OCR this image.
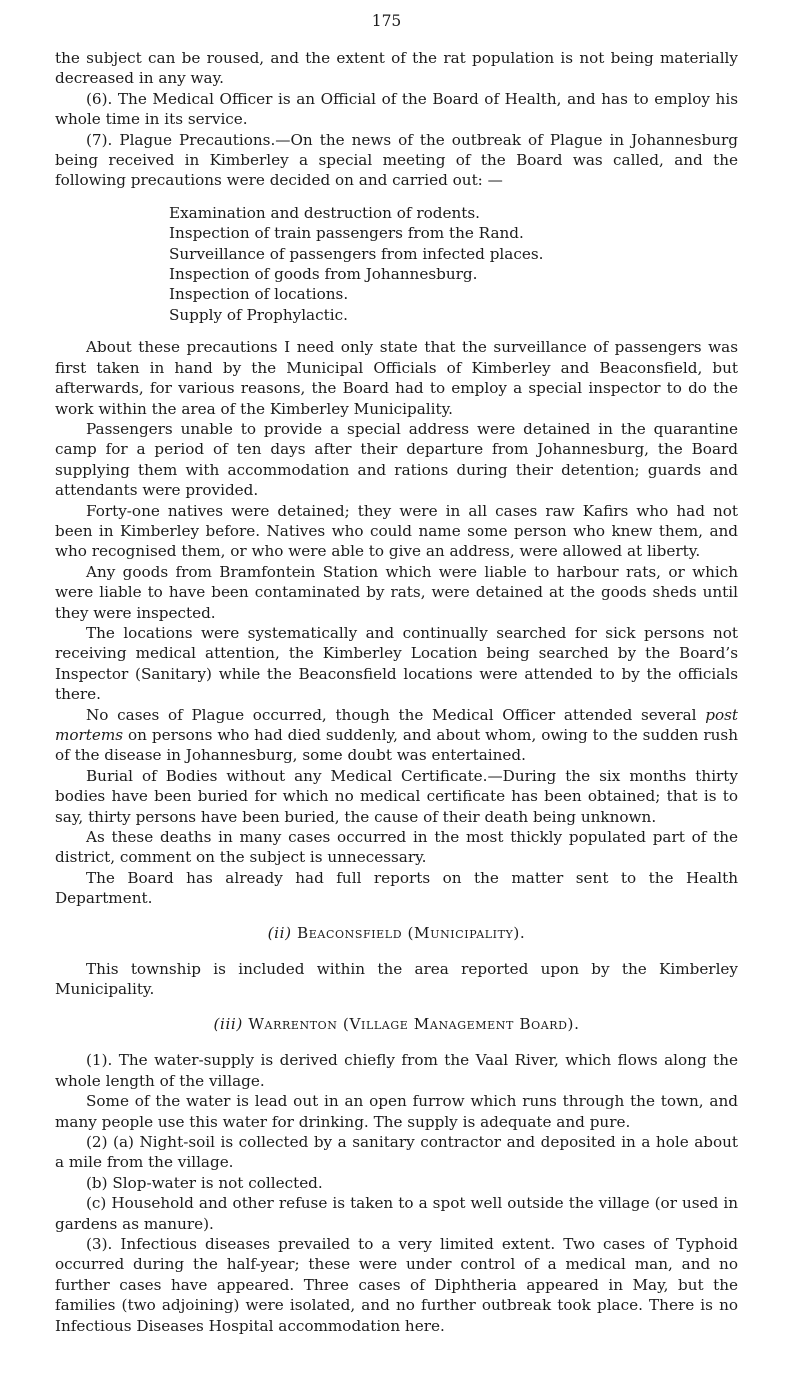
175

the subject can be roused, and the extent of the rat population is not being materially decreased in any way.

(6). The Medical Officer is an Official of the Board of Health, and has to employ his whole time in its service.

(7). Plague Precautions.—On the news of the outbreak of Plague in Johannesburg being received in Kimberley a special meeting of the Board was called, and the following precautions were decided on and carried out: —

Examination and destruction of rodents.
Inspection of train passengers from the Rand.
Surveillance of passengers from infected places.
Inspection of goods from Johannesburg.
Inspection of locations.
Supply of Prophylactic.

About these precautions I need only state that the surveillance of passengers was first taken in hand by the Municipal Officials of Kimberley and Beaconsfield, but afterwards, for various reasons, the Board had to employ a special inspector to do the work within the area of the Kimberley Municipality.

Passengers unable to provide a special address were detained in the quarantine camp for a period of ten days after their departure from Johannesburg, the Board supplying them with accommodation and rations during their detention; guards and attendants were provided.

Forty-one natives were detained; they were in all cases raw Kafirs who had not been in Kimberley before. Natives who could name some person who knew them, and who recognised them, or who were able to give an address, were allowed at liberty.

Any goods from Bramfontein Station which were liable to harbour rats, or which were liable to have been contaminated by rats, were detained at the goods sheds until they were inspected.

The locations were systematically and continually searched for sick persons not receiving medical attention, the Kimberley Location being searched by the Board’s Inspector (Sanitary) while the Beaconsfield locations were attended to by the officials there.

No cases of Plague occurred, though the Medical Officer attended several post mortems on persons who had died suddenly, and about whom, owing to the sudden rush of the disease in Johannesburg, some doubt was entertained.

Burial of Bodies without any Medical Certificate.—During the six months thirty bodies have been buried for which no medical certificate has been obtained; that is to say, thirty persons have been buried, the cause of their death being unknown.

As these deaths in many cases occurred in the most thickly populated part of the district, comment on the subject is unnecessary.

The Board has already had full reports on the matter sent to the Health Department.

(ii) Beaconsfield (Municipality).

This township is included within the area reported upon by the Kimberley Municipality.

(iii) Warrenton (Village Management Board).

(1). The water-supply is derived chiefly from the Vaal River, which flows along the whole length of the village.

Some of the water is lead out in an open furrow which runs through the town, and many people use this water for drinking. The supply is adequate and pure.

(2) (a) Night-soil is collected by a sanitary contractor and deposited in a hole about a mile from the village.

(b) Slop-water is not collected.

(c) Household and other refuse is taken to a spot well outside the village (or used in gardens as manure).

(3). Infectious diseases prevailed to a very limited extent. Two cases of Typhoid occurred during the half-year; these were under control of a medical man, and no further cases have appeared. Three cases of Diphtheria appeared in May, but the families (two adjoining) were isolated, and no further outbreak took place. There is no Infectious Diseases Hospital accommodation here.
